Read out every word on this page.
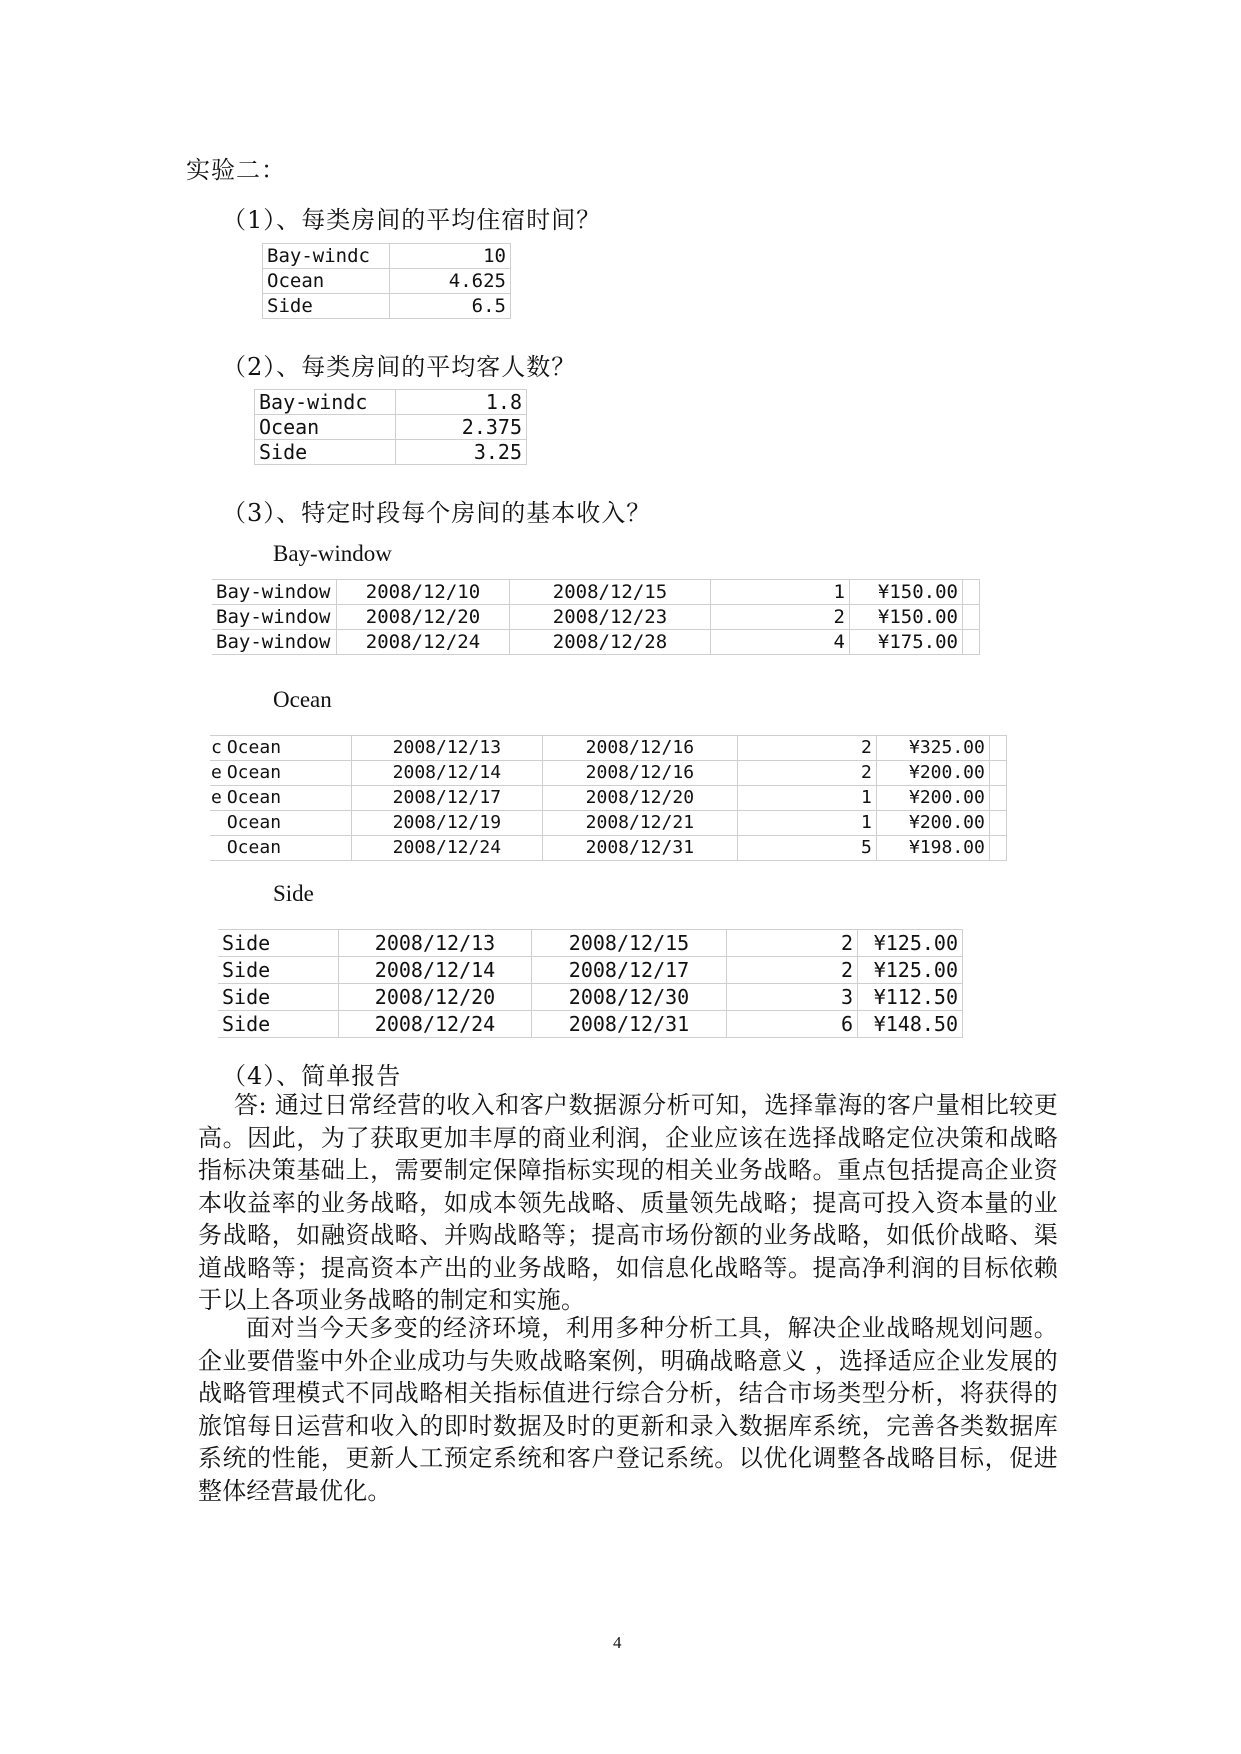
实验二：
（1）、每类房间的平均住宿时间？
Bay-windc	10
Ocean	4.625
Side	6.5
（2）、每类房间的平均客人数？
Bay-windc	1.8
Ocean	2.375
Side	3.25
（3）、特定时段每个房间的基本收入？
Bay-window
Bay-window	2008/12/10	2008/12/15	1	¥150.00	
Bay-window	2008/12/20	2008/12/23	2	¥150.00	
Bay-window	2008/12/24	2008/12/28	4	¥175.00	
Ocean
c	Ocean	2008/12/13	2008/12/16	2	¥325.00	
e	Ocean	2008/12/14	2008/12/16	2	¥200.00	
e	Ocean	2008/12/17	2008/12/20	1	¥200.00	
	Ocean	2008/12/19	2008/12/21	1	¥200.00	
	Ocean	2008/12/24	2008/12/31	5	¥198.00	
Side
Side	2008/12/13	2008/12/15	2	¥125.00
Side	2008/12/14	2008/12/17	2	¥125.00
Side	2008/12/20	2008/12/30	3	¥112.50
Side	2008/12/24	2008/12/31	6	¥148.50
（4）、简单报告
答: 通过日常经营的收入和客户数据源分析可知，选择靠海的客户量相比较更高。因此，为了获取更加丰厚的商业利润，企业应该在选择战略定位决策和战略指标决策基础上，需要制定保障指标实现的相关业务战略。重点包括提高企业资本收益率的业务战略，如成本领先战略、质量领先战略；提高可投入资本量的业务战略，如融资战略、并购战略等；提高市场份额的业务战略，如低价战略、渠道战略等；提高资本产出的业务战略，如信息化战略等。提高净利润的目标依赖于以上各项业务战略的制定和实施。
面对当今天多变的经济环境，利用多种分析工具，解决企业战略规划问题。企业要借鉴中外企业成功与失败战略案例，明确战略意义 ，选择适应企业发展的战略管理模式不同战略相关指标值进行综合分析，结合市场类型分析，将获得的旅馆每日运营和收入的即时数据及时的更新和录入数据库系统，完善各类数据库系统的性能，更新人工预定系统和客户登记系统。以优化调整各战略目标，促进整体经营最优化。
4
